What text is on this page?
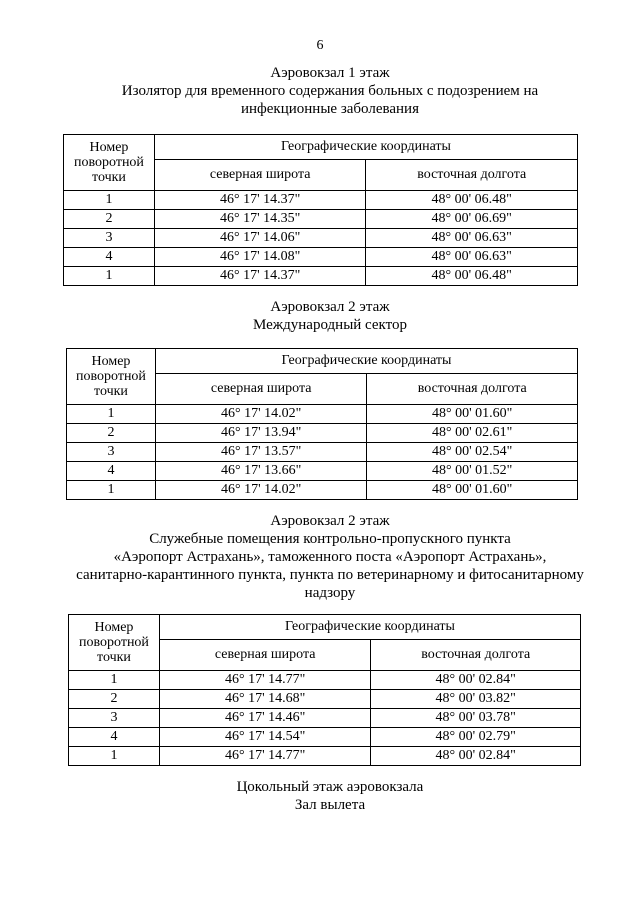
6
Аэровокзал 1 этаж
Изолятор для временного содержания больных с подозрением на
инфекционные заболевания
Номер
поворотной
точки	Географические координаты	
	северная широта	восточная долгота
1	46° 17' 14.37"	48° 00' 06.48"
2	46° 17' 14.35"	48° 00' 06.69"
3	46° 17' 14.06"	48° 00' 06.63"
4	46° 17' 14.08"	48° 00' 06.63"
1	46° 17' 14.37"	48° 00' 06.48"
Аэровокзал 2 этаж
Международный сектор
Номер
поворотной
точки	Географические координаты	
	северная широта	восточная долгота
1	46° 17' 14.02"	48° 00' 01.60"
2	46° 17' 13.94"	48° 00' 02.61"
3	46° 17' 13.57"	48° 00' 02.54"
4	46° 17' 13.66"	48° 00' 01.52"
1	46° 17' 14.02"	48° 00' 01.60"
Аэровокзал 2 этаж
Служебные помещения контрольно-пропускного пункта
«Аэропорт Астрахань», таможенного поста «Аэропорт Астрахань»,
санитарно-карантинного пункта, пункта по ветеринарному и фитосанитарному
надзору
Номер
поворотной
точки	Географические координаты	
	северная широта	восточная долгота
1	46° 17' 14.77"	48° 00' 02.84"
2	46° 17' 14.68"	48° 00' 03.82"
3	46° 17' 14.46"	48° 00' 03.78"
4	46° 17' 14.54"	48° 00' 02.79"
1	46° 17' 14.77"	48° 00' 02.84"
Цокольный этаж аэровокзала
Зал вылета
